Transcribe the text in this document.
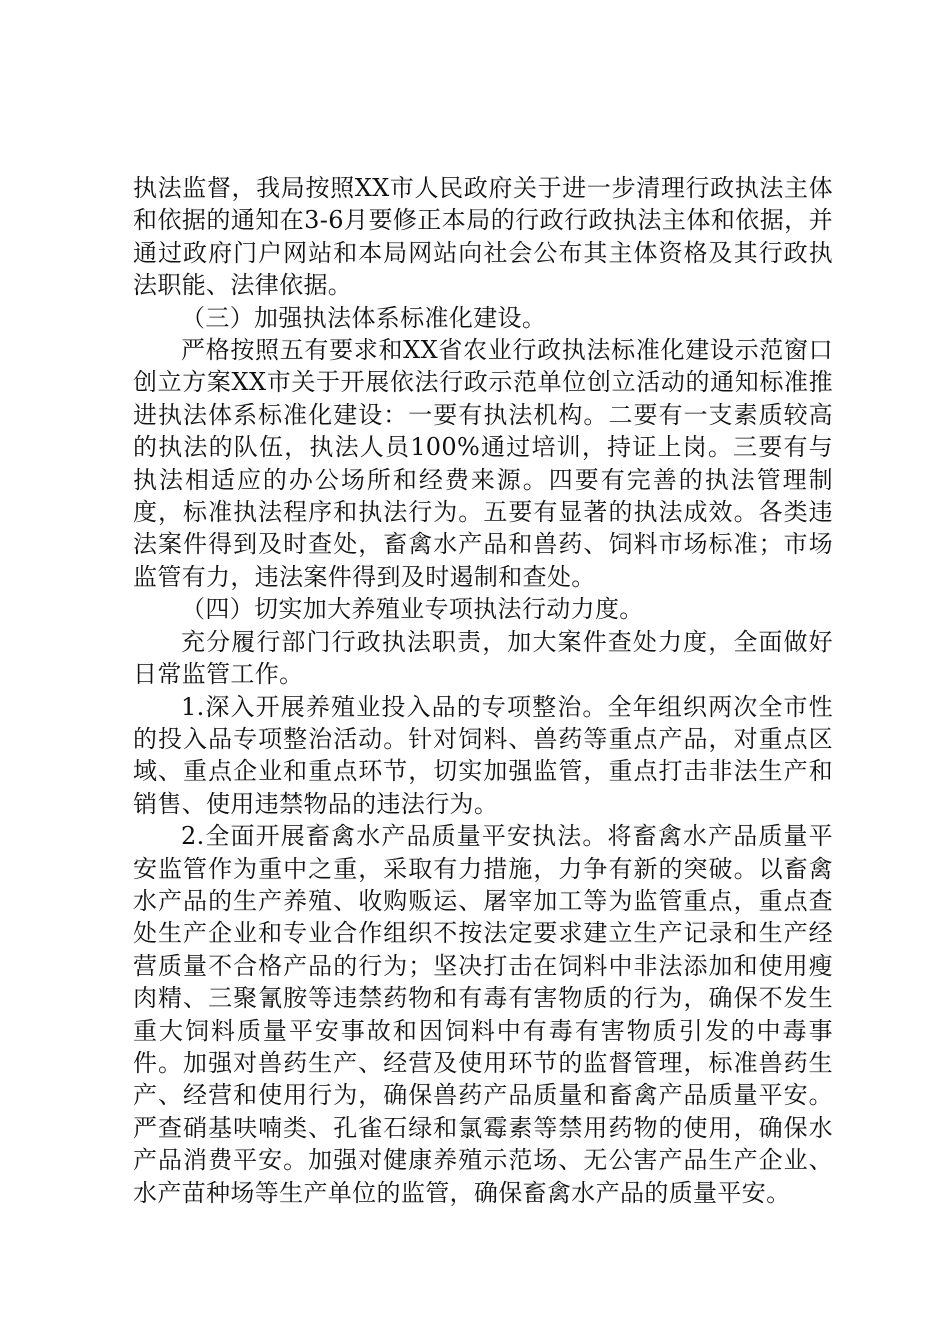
执法监督，我局按照XX市人民政府关于进一步清理行政执法主体和依据的通知在3-6月要修正本局的行政行政执法主体和依据，并通过政府门户网站和本局网站向社会公布其主体资格及其行政执法职能、法律依据。

（三）加强执法体系标准化建设。

严格按照五有要求和XX省农业行政执法标准化建设示范窗口创立方案XX市关于开展依法行政示范单位创立活动的通知标准推进执法体系标准化建设：一要有执法机构。二要有一支素质较高的执法的队伍，执法人员100%通过培训，持证上岗。三要有与执法相适应的办公场所和经费来源。四要有完善的执法管理制度，标准执法程序和执法行为。五要有显著的执法成效。各类违法案件得到及时查处，畜禽水产品和兽药、饲料市场标准；市场监管有力，违法案件得到及时遏制和查处。

（四）切实加大养殖业专项执法行动力度。

充分履行部门行政执法职责，加大案件查处力度，全面做好日常监管工作。

1.深入开展养殖业投入品的专项整治。全年组织两次全市性的投入品专项整治活动。针对饲料、兽药等重点产品，对重点区域、重点企业和重点环节，切实加强监管，重点打击非法生产和销售、使用违禁物品的违法行为。

2.全面开展畜禽水产品质量平安执法。将畜禽水产品质量平安监管作为重中之重，采取有力措施，力争有新的突破。以畜禽水产品的生产养殖、收购贩运、屠宰加工等为监管重点，重点查处生产企业和专业合作组织不按法定要求建立生产记录和生产经营质量不合格产品的行为；坚决打击在饲料中非法添加和使用瘦肉精、三聚氰胺等违禁药物和有毒有害物质的行为，确保不发生重大饲料质量平安事故和因饲料中有毒有害物质引发的中毒事件。加强对兽药生产、经营及使用环节的监督管理，标准兽药生产、经营和使用行为，确保兽药产品质量和畜禽产品质量平安。严查硝基呋喃类、孔雀石绿和氯霉素等禁用药物的使用，确保水产品消费平安。加强对健康养殖示范场、无公害产品生产企业、水产苗种场等生产单位的监管，确保畜禽水产品的质量平安。
